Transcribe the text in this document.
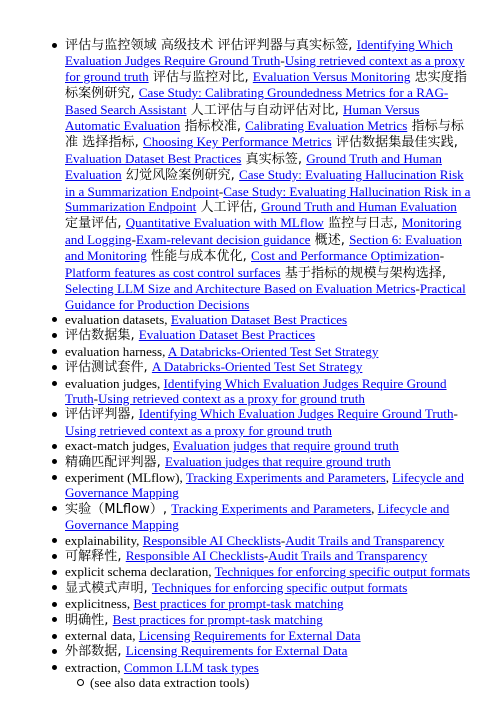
评估与监控领域 高级技术 评估评判器与真实标签, Identifying Which Evaluation Judges Require Ground Truth-Using retrieved context as a proxy for ground truth 评估与监控对比, Evaluation Versus Monitoring 忠实度指标案例研究, Case Study: Calibrating Groundedness Metrics for a RAG-Based Search Assistant 人工评估与自动评估对比, Human Versus Automatic Evaluation 指标校准, Calibrating Evaluation Metrics 指标与标准 选择指标, Choosing Key Performance Metrics 评估数据集最佳实践, Evaluation Dataset Best Practices 真实标签, Ground Truth and Human Evaluation 幻觉风险案例研究, Case Study: Evaluating Hallucination Risk in a Summarization Endpoint-Case Study: Evaluating Hallucination Risk in a Summarization Endpoint 人工评估, Ground Truth and Human Evaluation 定量评估, Quantitative Evaluation with MLflow 监控与日志, Monitoring and Logging-Exam-relevant decision guidance 概述, Section 6: Evaluation and Monitoring 性能与成本优化, Cost and Performance Optimization-Platform features as cost control surfaces 基于指标的规模与架构选择, Selecting LLM Size and Architecture Based on Evaluation Metrics-Practical Guidance for Production Decisions
evaluation datasets, Evaluation Dataset Best Practices
评估数据集, Evaluation Dataset Best Practices
evaluation harness, A Databricks-Oriented Test Set Strategy
评估测试套件, A Databricks-Oriented Test Set Strategy
evaluation judges, Identifying Which Evaluation Judges Require Ground Truth-Using retrieved context as a proxy for ground truth
评估评判器, Identifying Which Evaluation Judges Require Ground Truth-Using retrieved context as a proxy for ground truth
exact-match judges, Evaluation judges that require ground truth
精确匹配评判器, Evaluation judges that require ground truth
experiment (MLflow), Tracking Experiments and Parameters, Lifecycle and Governance Mapping
实验（MLflow）, Tracking Experiments and Parameters, Lifecycle and Governance Mapping
explainability, Responsible AI Checklists-Audit Trails and Transparency
可解释性, Responsible AI Checklists-Audit Trails and Transparency
explicit schema declaration, Techniques for enforcing specific output formats
显式模式声明, Techniques for enforcing specific output formats
explicitness, Best practices for prompt-task matching
明确性, Best practices for prompt-task matching
external data, Licensing Requirements for External Data
外部数据, Licensing Requirements for External Data
extraction, Common LLM task types
(see also data extraction tools)
